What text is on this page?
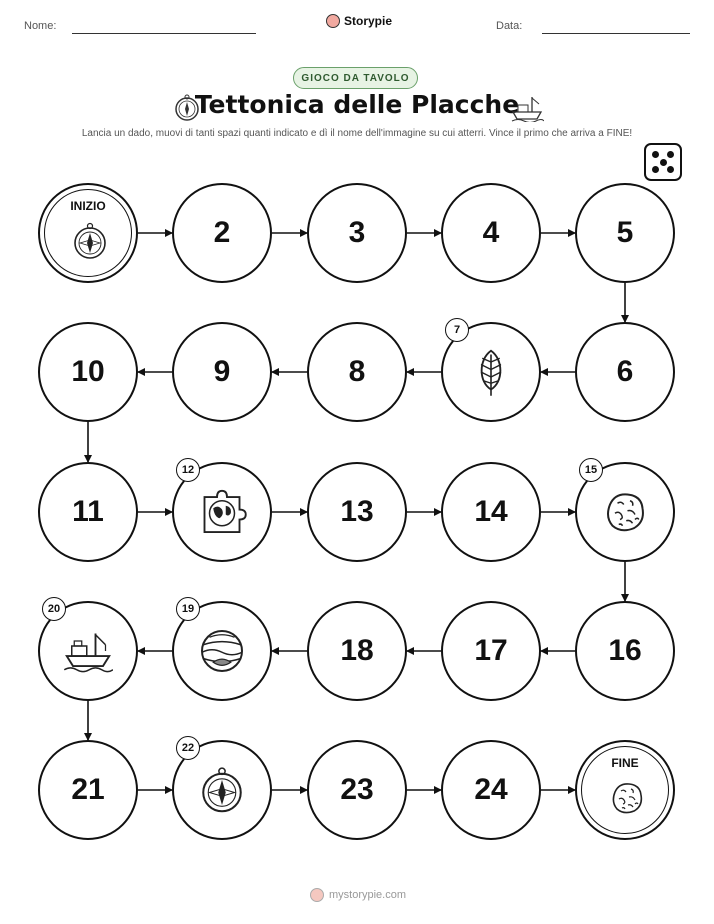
Nome:	Storypie	Data:
GIOCO DA TAVOLO
Tettonica delle Placche
Lancia un dado, muovi di tanti spazi quanti indicato e dì il nome dell'immagine su cui atterri. Vince il primo che arriva a FINE!
INIZIO
2	3	4	5
6
7
8
9
10
11
12
13	14
15
16
17
18
19
20
21
22
23	24
FINE
mystorypie.com
